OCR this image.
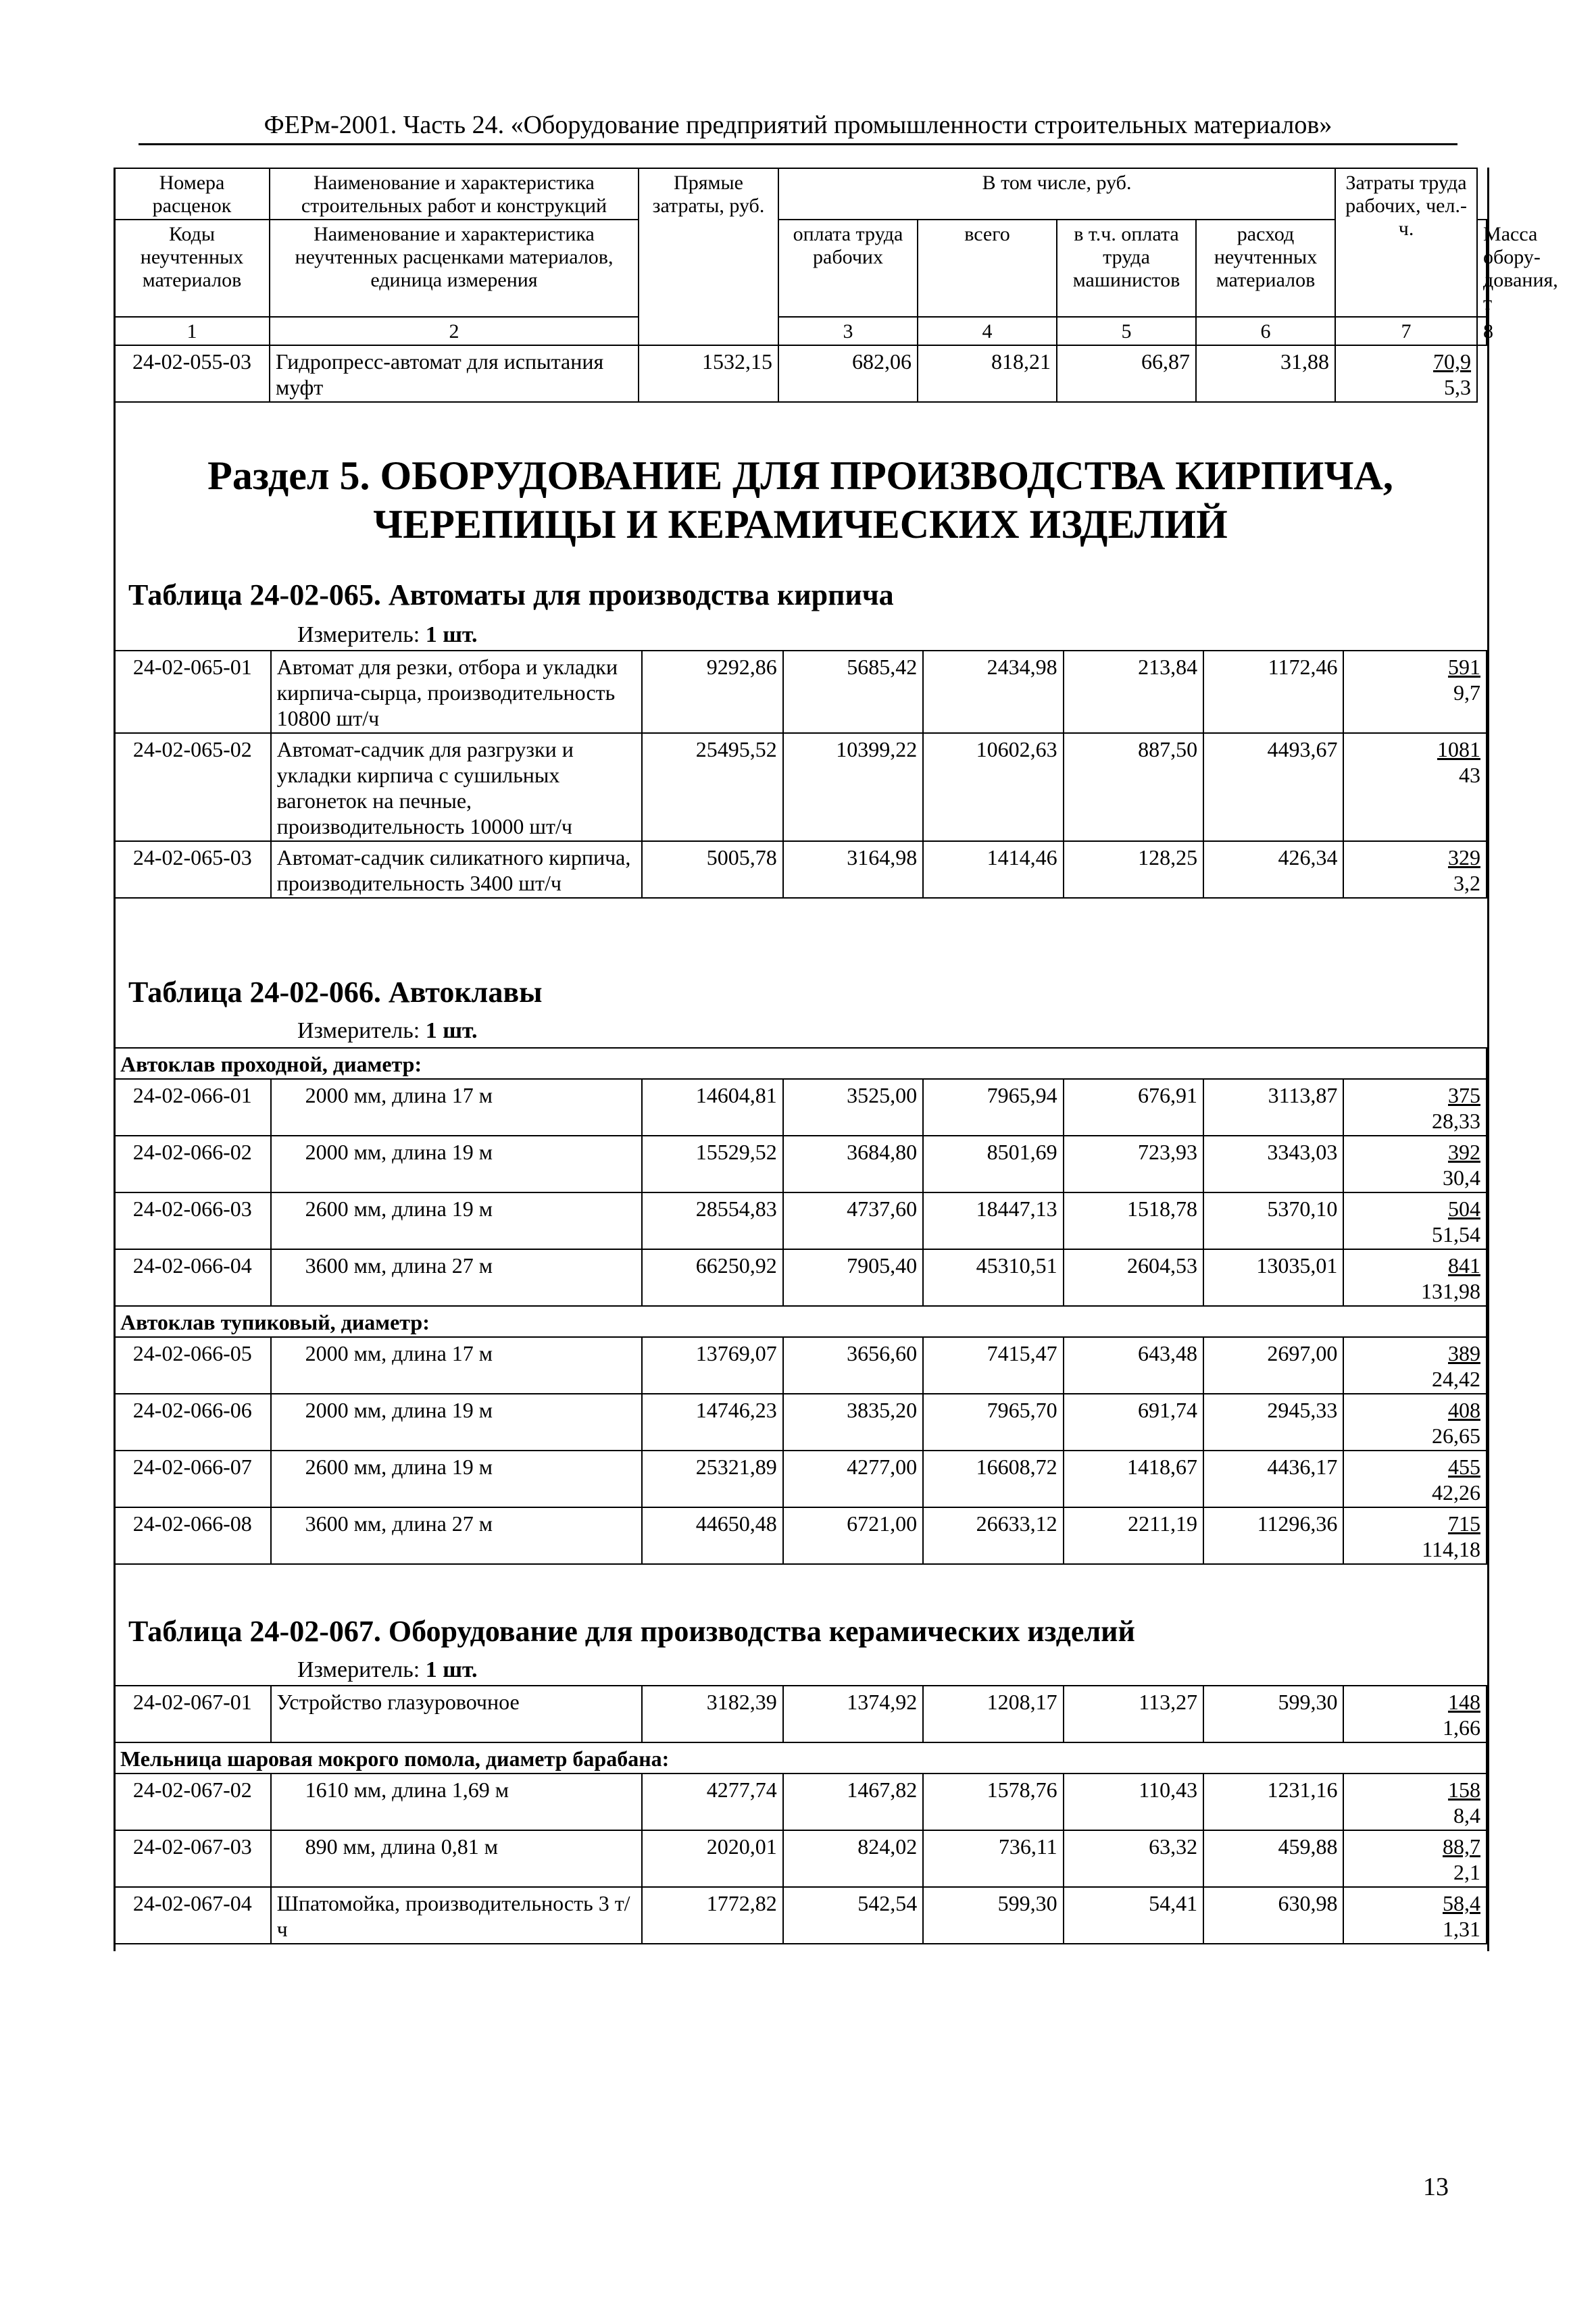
ФЕРм-2001. Часть 24. «Оборудование предприятий промышленности строительных материалов»
Номера расценок	Наименование и характеристика строительных работ и конструкций	Прямые затраты, руб.	В том числе, руб.				Затраты труда рабочих, чел.-ч.	
Коды неучтенных материалов	Наименование и характеристика неучтенных расценками материалов, единица измерения		оплата труда рабочих	всего	в т.ч. оплата труда машинистов	расход неучтенных материалов		Масса обору-дования, т
1	2		3	4	5	6	7	8
24-02-055-03	Гидропресс-автомат для испытания муфт	1532,15	682,06	818,21	66,87	31,88	70,9
5,3	
Раздел 5. ОБОРУДОВАНИЕ ДЛЯ ПРОИЗВОДСТВА КИРПИЧА,
ЧЕРЕПИЦЫ И КЕРАМИЧЕСКИХ ИЗДЕЛИЙ
Таблица 24-02-065. Автоматы для производства кирпича
Измеритель: 1 шт.
24-02-065-01	Автомат для резки, отбора и укладки кирпича-сырца, производительность 10800 шт/ч	9292,86	5685,42	2434,98	213,84	1172,46	591
9,7
24-02-065-02	Автомат-садчик для разгрузки и укладки кирпича с сушильных вагонеток на печные, производительность 10000 шт/ч	25495,52	10399,22	10602,63	887,50	4493,67	1081
43
24-02-065-03	Автомат-садчик силикатного кирпича, производительность 3400 шт/ч	5005,78	3164,98	1414,46	128,25	426,34	329
3,2
Таблица 24-02-066. Автоклавы
Измеритель: 1 шт.
Автоклав проходной, диаметр:							
24-02-066-01	2000 мм, длина 17 м	14604,81	3525,00	7965,94	676,91	3113,87	375
28,33
24-02-066-02	2000 мм, длина 19 м	15529,52	3684,80	8501,69	723,93	3343,03	392
30,4
24-02-066-03	2600 мм, длина 19 м	28554,83	4737,60	18447,13	1518,78	5370,10	504
51,54
24-02-066-04	3600 мм, длина 27 м	66250,92	7905,40	45310,51	2604,53	13035,01	841
131,98
Автоклав тупиковый, диаметр:							
24-02-066-05	2000 мм, длина 17 м	13769,07	3656,60	7415,47	643,48	2697,00	389
24,42
24-02-066-06	2000 мм, длина 19 м	14746,23	3835,20	7965,70	691,74	2945,33	408
26,65
24-02-066-07	2600 мм, длина 19 м	25321,89	4277,00	16608,72	1418,67	4436,17	455
42,26
24-02-066-08	3600 мм, длина 27 м	44650,48	6721,00	26633,12	2211,19	11296,36	715
114,18
Таблица 24-02-067. Оборудование для производства керамических изделий
Измеритель: 1 шт.
24-02-067-01	Устройство глазуровочное	3182,39	1374,92	1208,17	113,27	599,30	148
1,66
Мельница шаровая мокрого помола, диаметр барабана:							
24-02-067-02	1610 мм, длина 1,69 м	4277,74	1467,82	1578,76	110,43	1231,16	158
8,4
24-02-067-03	890 мм, длина 0,81 м	2020,01	824,02	736,11	63,32	459,88	88,7
2,1
24-02-067-04	Шпатомойка, производительность 3 т/ч	1772,82	542,54	599,30	54,41	630,98	58,4
1,31
13
